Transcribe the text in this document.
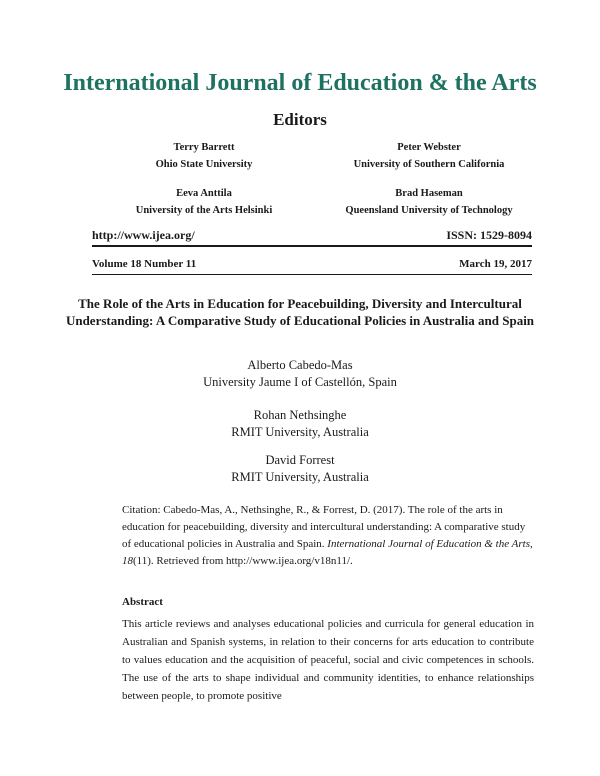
International Journal of Education & the Arts
Editors
Terry Barrett
Ohio State University
Peter Webster
University of Southern California
Eeva Anttila
University of the Arts Helsinki
Brad Haseman
Queensland University of Technology
http://www.ijea.org/	ISSN: 1529-8094
Volume 18 Number 11	March 19, 2017
The Role of the Arts in Education for Peacebuilding, Diversity and Intercultural Understanding: A Comparative Study of Educational Policies in Australia and Spain
Alberto Cabedo-Mas
University Jaume I of Castellón, Spain
Rohan Nethsinghe
RMIT University, Australia
David Forrest
RMIT University, Australia
Citation: Cabedo-Mas, A., Nethsinghe, R., & Forrest, D. (2017). The role of the arts in education for peacebuilding, diversity and intercultural understanding: A comparative study of educational policies in Australia and Spain. International Journal of Education & the Arts, 18(11). Retrieved from http://www.ijea.org/v18n11/.
Abstract
This article reviews and analyses educational policies and curricula for general education in Australian and Spanish systems, in relation to their concerns for arts education to contribute to values education and the acquisition of peaceful, social and civic competences in schools. The use of the arts to shape individual and community identities, to enhance relationships between people, to promote positive
